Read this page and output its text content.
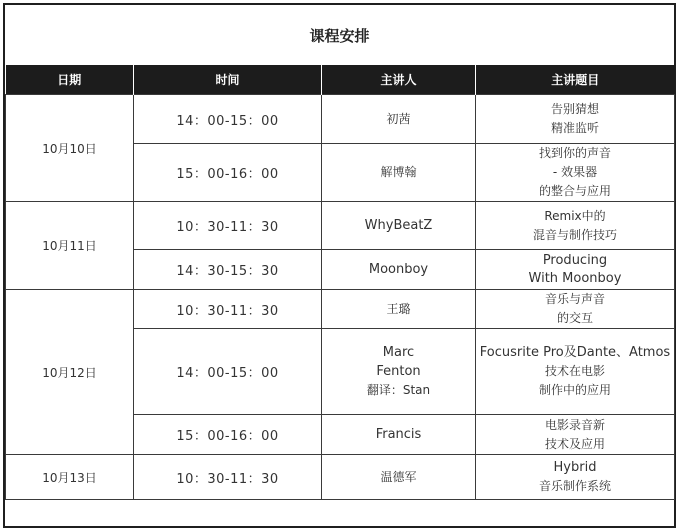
课程安排
日期	时间	主讲人	主讲题目
10月10日	14：00-15：00	初茜	告别猜想
精准监听

	15：00-16：00	解博翰	找到你的声音
- 效果器
的整合与应用

10月11日	10：30-11：30	WhyBeatZ	Remix中的
混音与制作技巧

	14：30-15：30	Moonboy	Producing
With Moonboy

10月12日	10：30-11：30	王璐	音乐与声音
的交互

	14：00-15：00	Marc
Fenton
翻译：Stan	Focusrite Pro及Dante、Atmos
技术在电影
制作中的应用

	15：00-16：00	Francis	电影录音新
技术及应用

10月13日	10：30-11：30	温德军	Hybrid
音乐制作系统
